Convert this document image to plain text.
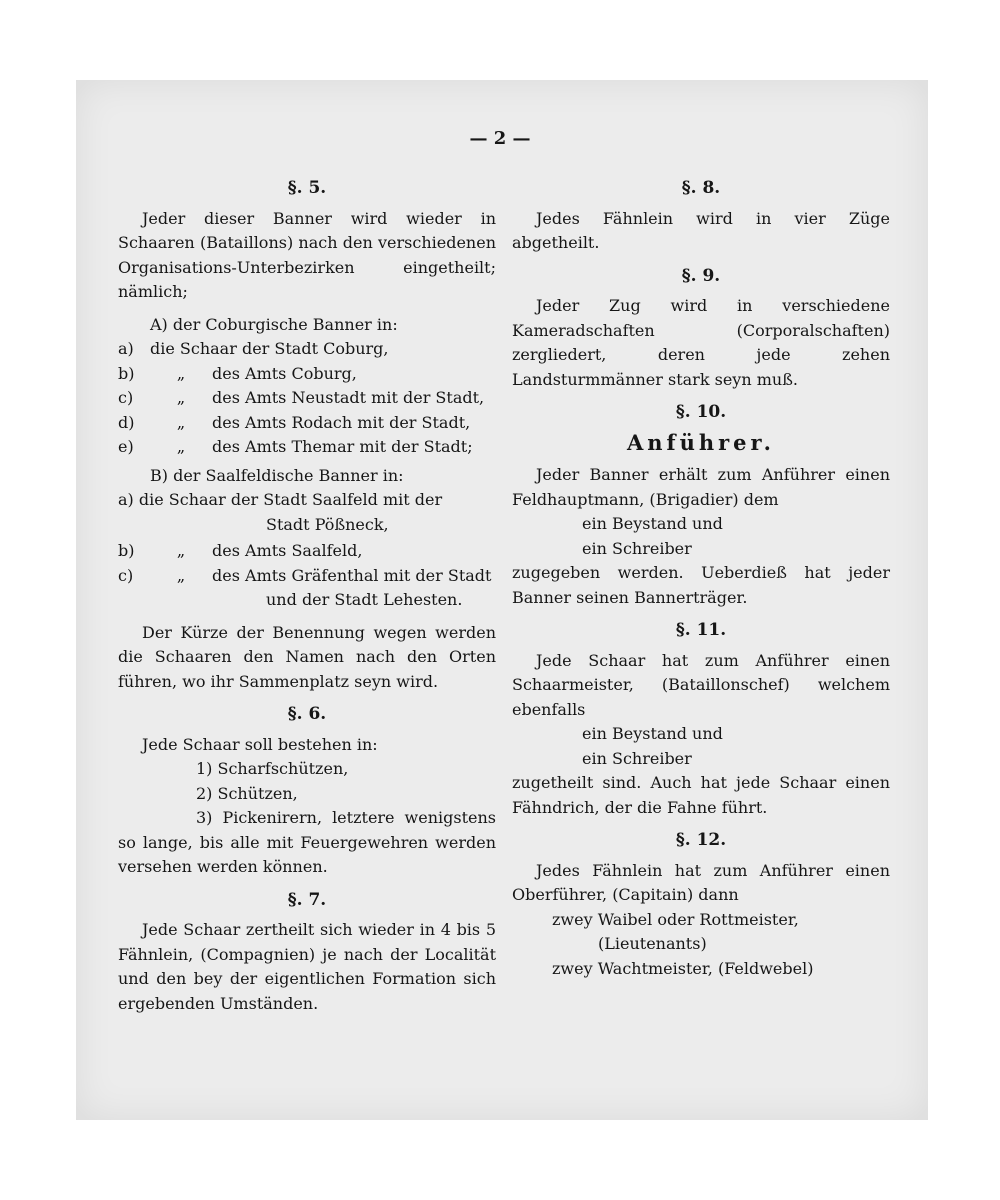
— 2 —
§. 5.
Jeder dieser Banner wird wieder in Schaaren (Bataillons) nach den verschiedenen Organisations-Unterbezirken eingetheilt; nämlich;
A) der Coburgische Banner in:
a) die Schaar der Stadt Coburg,
b)	„ des Amts Coburg,
c)	„ des Amts Neustadt mit der Stadt,
d)	„ des Amts Rodach mit der Stadt,
e)	„ des Amts Themar mit der Stadt;
B) der Saalfeldische Banner in:
a) die Schaar der Stadt Saalfeld mit der
Stadt Pößneck,
b)	„ des Amts Saalfeld,
c)	„ des Amts Gräfenthal mit der Stadt
und der Stadt Lehesten.
Der Kürze der Benennung wegen werden die Schaaren den Namen nach den Orten führen, wo ihr Sammenplatz seyn wird.
§. 6.
Jede Schaar soll bestehen in:
1) Scharfschützen,
2) Schützen,
3) Pickenirern, letztere wenigstens so lange, bis alle mit Feuergewehren werden versehen werden können.
§. 7.
Jede Schaar zertheilt sich wieder in 4 bis 5 Fähnlein, (Compagnien) je nach der Localität und den bey der eigentlichen Formation sich ergebenden Umständen.
§. 8.
Jedes Fähnlein wird in vier Züge abgetheilt.
§. 9.
Jeder Zug wird in verschiedene Kameradschaften (Corporalschaften) zergliedert, deren jede zehen Landsturmmänner stark seyn muß.
§. 10.
Anführer.
Jeder Banner erhält zum Anführer einen Feldhauptmann, (Brigadier) dem
ein Beystand und
ein Schreiber
zugegeben werden. Ueberdieß hat jeder Banner seinen Bannerträger.
§. 11.
Jede Schaar hat zum Anführer einen Schaarmeister, (Bataillonschef) welchem ebenfalls
ein Beystand und
ein Schreiber
zugetheilt sind. Auch hat jede Schaar einen Fähndrich, der die Fahne führt.
§. 12.
Jedes Fähnlein hat zum Anführer einen Oberführer, (Capitain) dann
zwey Waibel oder Rottmeister,
(Lieutenants)
zwey Wachtmeister, (Feldwebel)
